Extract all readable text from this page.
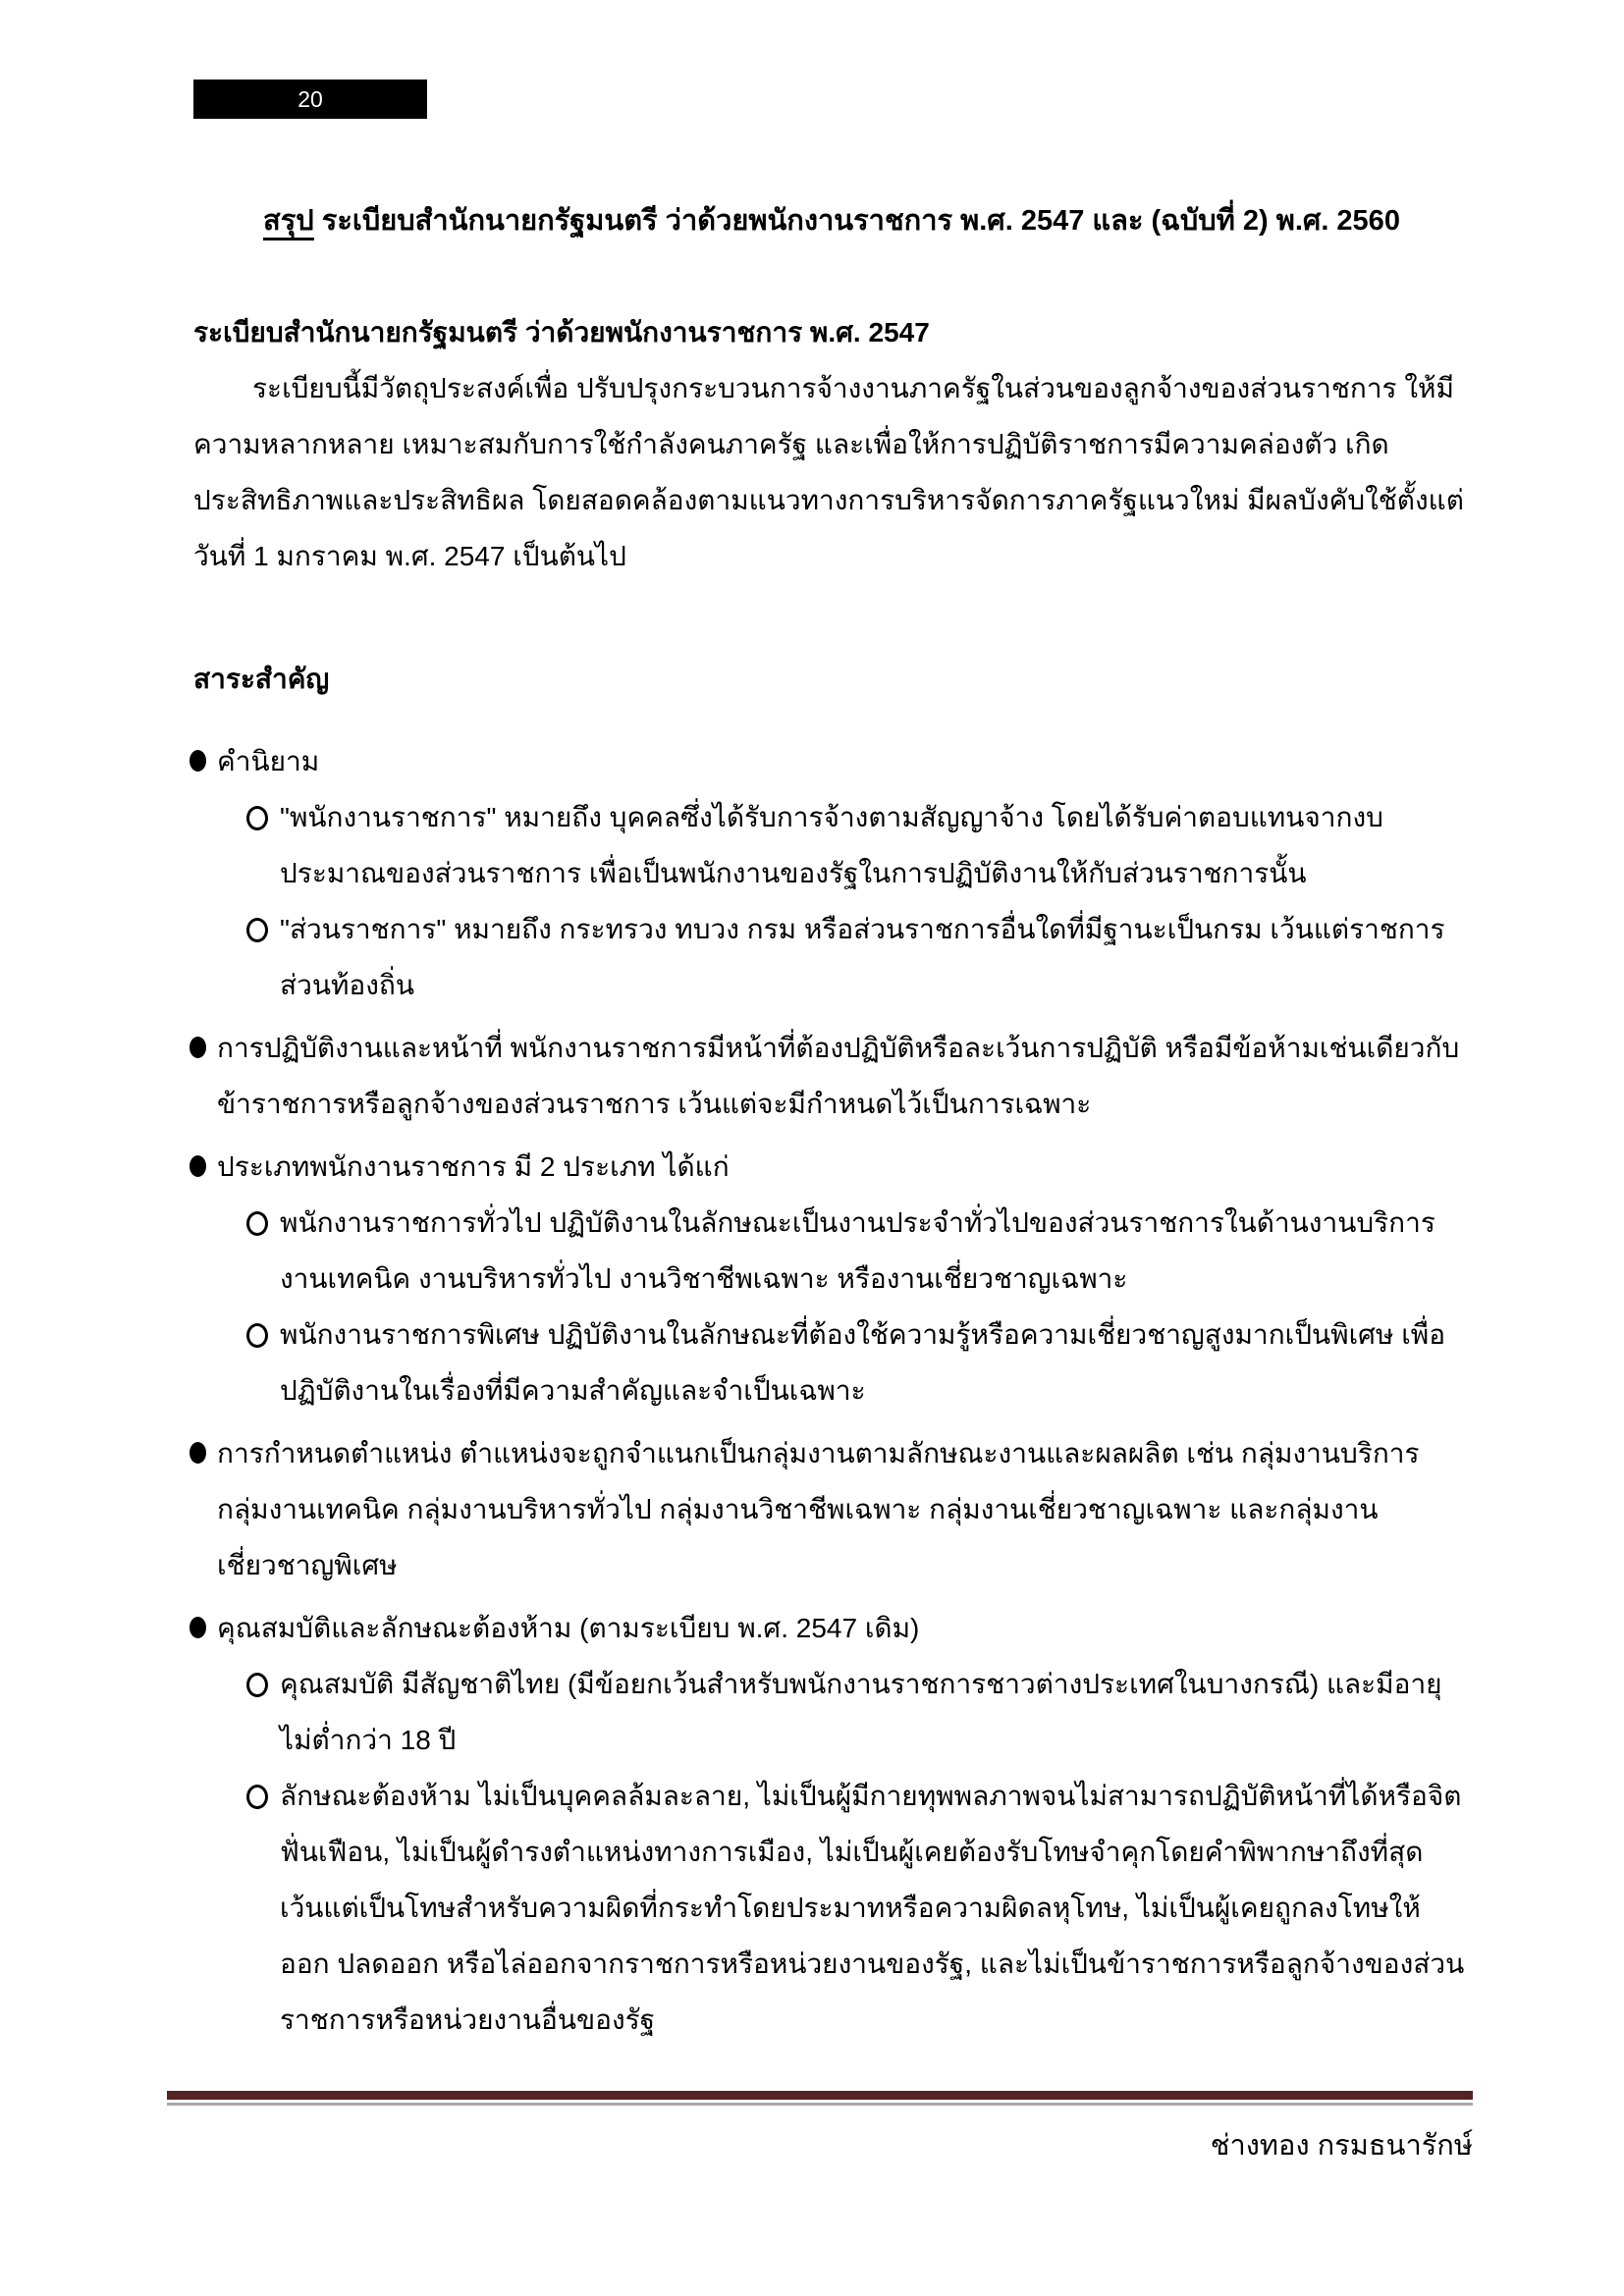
20
สรุป ระเบียบสำนักนายกรัฐมนตรี ว่าด้วยพนักงานราชการ พ.ศ. 2547 และ (ฉบับที่ 2) พ.ศ. 2560
ระเบียบสำนักนายกรัฐมนตรี ว่าด้วยพนักงานราชการ พ.ศ. 2547

ระเบียบนี้มีวัตถุประสงค์เพื่อ ปรับปรุงกระบวนการจ้างงานภาครัฐในส่วนของลูกจ้างของส่วนราชการ ให้มีความหลากหลาย เหมาะสมกับการใช้กำลังคนภาครัฐ และเพื่อให้การปฏิบัติราชการมีความคล่องตัว เกิดประสิทธิภาพและประสิทธิผล โดยสอดคล้องตามแนวทางการบริหารจัดการภาครัฐแนวใหม่ มีผลบังคับใช้ตั้งแต่วันที่ 1 มกราคม พ.ศ. 2547 เป็นต้นไป

สาระสำคัญ
คำนิยาม
"พนักงานราชการ" หมายถึง บุคคลซึ่งได้รับการจ้างตามสัญญาจ้าง โดยได้รับค่าตอบแทนจากงบประมาณของส่วนราชการ เพื่อเป็นพนักงานของรัฐในการปฏิบัติงานให้กับส่วนราชการนั้น
"ส่วนราชการ" หมายถึง กระทรวง ทบวง กรม หรือส่วนราชการอื่นใดที่มีฐานะเป็นกรม เว้นแต่ราชการส่วนท้องถิ่น
การปฏิบัติงานและหน้าที่ พนักงานราชการมีหน้าที่ต้องปฏิบัติหรือละเว้นการปฏิบัติ หรือมีข้อห้ามเช่นเดียวกับข้าราชการหรือลูกจ้างของส่วนราชการ เว้นแต่จะมีกำหนดไว้เป็นการเฉพาะ
ประเภทพนักงานราชการ มี 2 ประเภท ได้แก่
พนักงานราชการทั่วไป ปฏิบัติงานในลักษณะเป็นงานประจำทั่วไปของส่วนราชการในด้านงานบริการ งานเทคนิค งานบริหารทั่วไป งานวิชาชีพเฉพาะ หรืองานเชี่ยวชาญเฉพาะ
พนักงานราชการพิเศษ ปฏิบัติงานในลักษณะที่ต้องใช้ความรู้หรือความเชี่ยวชาญสูงมากเป็นพิเศษ เพื่อปฏิบัติงานในเรื่องที่มีความสำคัญและจำเป็นเฉพาะ
การกำหนดตำแหน่ง ตำแหน่งจะถูกจำแนกเป็นกลุ่มงานตามลักษณะงานและผลผลิต เช่น กลุ่มงานบริการ กลุ่มงานเทคนิค กลุ่มงานบริหารทั่วไป กลุ่มงานวิชาชีพเฉพาะ กลุ่มงานเชี่ยวชาญเฉพาะ และกลุ่มงานเชี่ยวชาญพิเศษ
คุณสมบัติและลักษณะต้องห้าม (ตามระเบียบ พ.ศ. 2547 เดิม)
คุณสมบัติ มีสัญชาติไทย (มีข้อยกเว้นสำหรับพนักงานราชการชาวต่างประเทศในบางกรณี) และมีอายุไม่ต่ำกว่า 18 ปี
ลักษณะต้องห้าม ไม่เป็นบุคคลล้มละลาย, ไม่เป็นผู้มีกายทุพพลภาพจนไม่สามารถปฏิบัติหน้าที่ได้หรือจิตฟั่นเฟือน, ไม่เป็นผู้ดำรงตำแหน่งทางการเมือง, ไม่เป็นผู้เคยต้องรับโทษจำคุกโดยคำพิพากษาถึงที่สุด เว้นแต่เป็นโทษสำหรับความผิดที่กระทำโดยประมาทหรือความผิดลหุโทษ, ไม่เป็นผู้เคยถูกลงโทษให้ออก ปลดออก หรือไล่ออกจากราชการหรือหน่วยงานของรัฐ, และไม่เป็นข้าราชการหรือลูกจ้างของส่วนราชการหรือหน่วยงานอื่นของรัฐ
ช่างทอง กรมธนารักษ์
